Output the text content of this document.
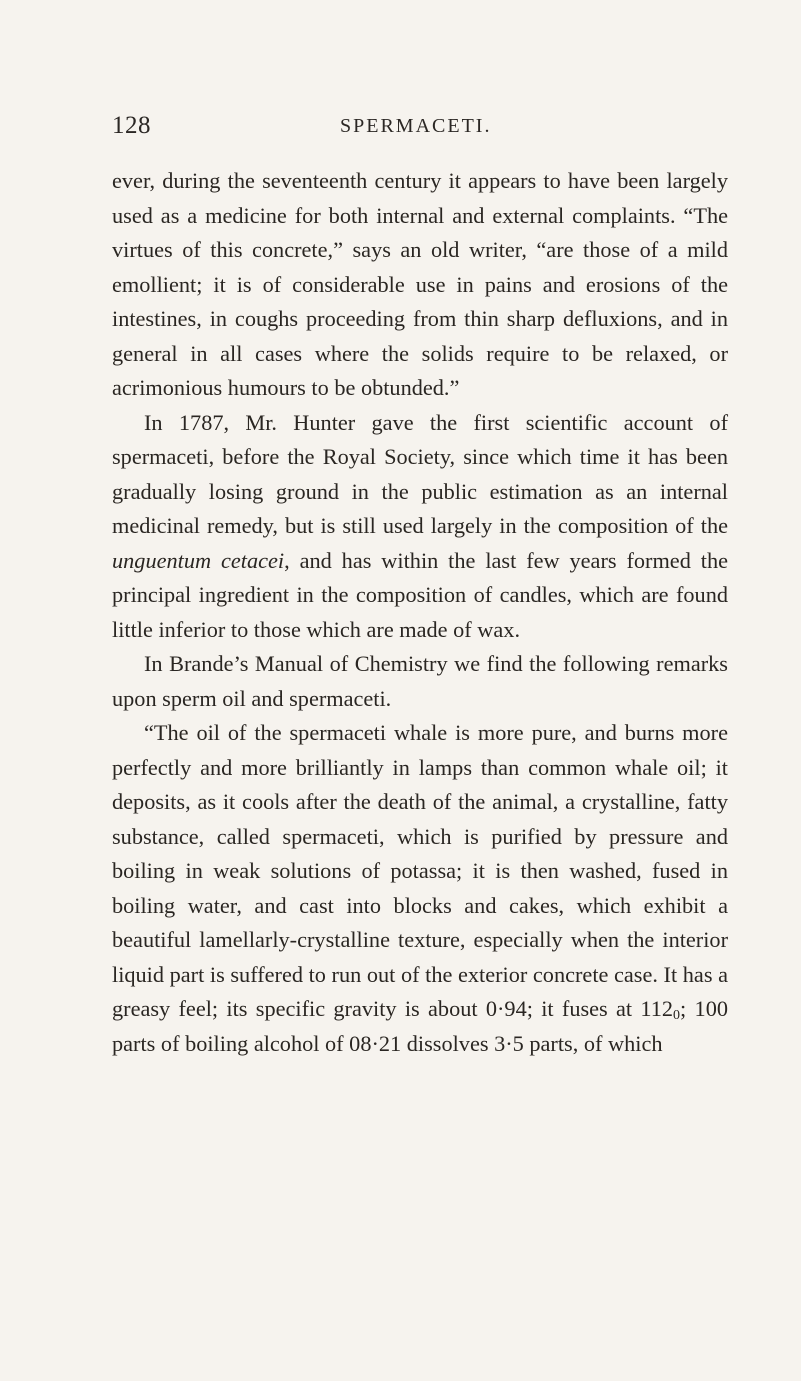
128	SPERMACETI.

ever, during the seventeenth century it appears to have been largely used as a medicine for both internal and external complaints. “The virtues of this concrete,” says an old writer, “are those of a mild emollient; it is of considerable use in pains and erosions of the intestines, in coughs proceeding from thin sharp defluxions, and in general in all cases where the solids require to be relaxed, or acrimonious humours to be obtunded.”

In 1787, Mr. Hunter gave the first scientific account of spermaceti, before the Royal Society, since which time it has been gradually losing ground in the public estimation as an internal medicinal remedy, but is still used largely in the composition of the unguentum cetacei, and has within the last few years formed the principal ingredient in the composition of candles, which are found little inferior to those which are made of wax.

In Brande’s Manual of Chemistry we find the following remarks upon sperm oil and spermaceti.

“The oil of the spermaceti whale is more pure, and burns more perfectly and more brilliantly in lamps than common whale oil; it deposits, as it cools after the death of the animal, a crystalline, fatty substance, called spermaceti, which is purified by pressure and boiling in weak solutions of potassa; it is then washed, fused in boiling water, and cast into blocks and cakes, which exhibit a beautiful lamellarly-crystalline texture, especially when the interior liquid part is suffered to run out of the exterior concrete case. It has a greasy feel; its specific gravity is about 0·94; it fuses at $112_0$; 100 parts of boiling alcohol of 08·21 dissolves 3·5 parts, of which
